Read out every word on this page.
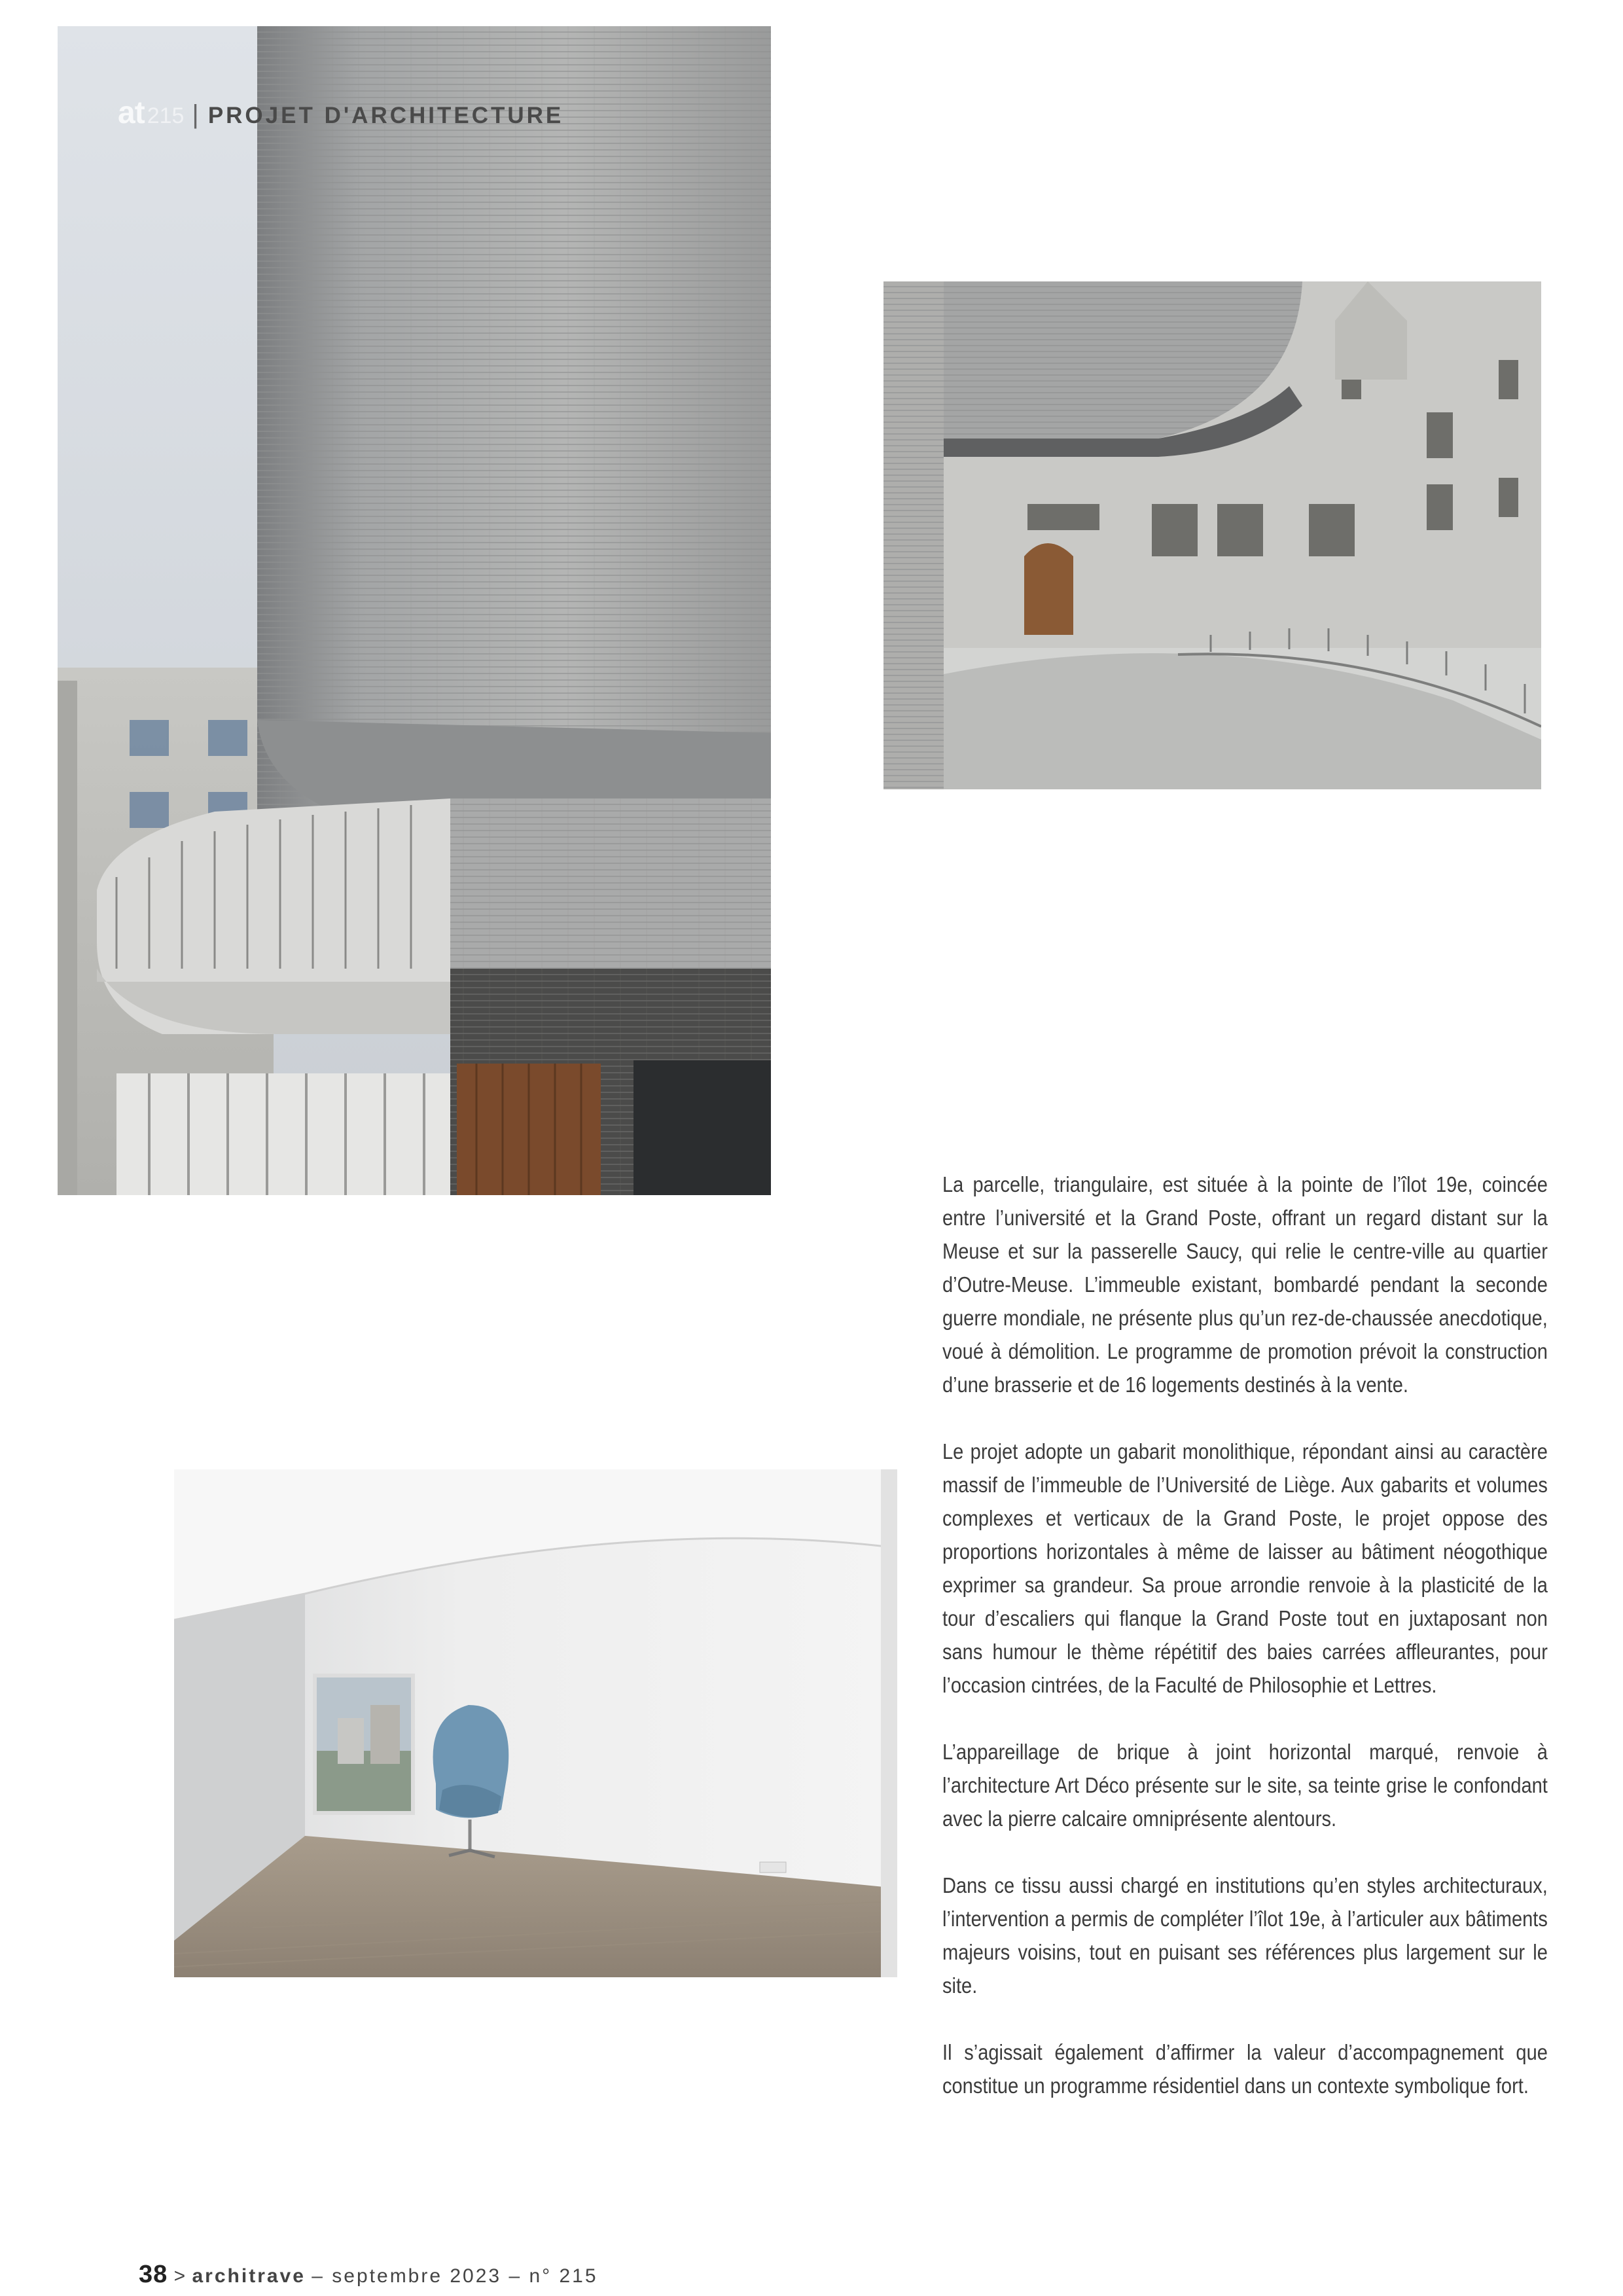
at 215 | PROJET D'ARCHITECTURE

La parcelle, triangulaire, est située à la pointe de l’îlot 19e, coincée entre l’université et la Grand Poste, offrant un regard distant sur la Meuse et sur la passerelle Saucy, qui relie le centre-ville au quartier d’Outre-Meuse. L’immeuble existant, bombardé pendant la seconde guerre mondiale, ne présente plus qu’un rez-de-chaussée anecdotique, voué à démolition. Le programme de promotion prévoit la construction d’une brasserie et de 16 logements destinés à la vente.

Le projet adopte un gabarit monolithique, répondant ainsi au caractère massif de l’immeuble de l’Université de Liège. Aux gabarits et volumes complexes et verticaux de la Grand Poste, le projet oppose des proportions horizontales à même de laisser au bâtiment néogothique exprimer sa grandeur. Sa proue arrondie renvoie à la plasticité de la tour d’escaliers qui flanque la Grand Poste tout en juxtaposant non sans humour le thème répétitif des baies carrées affleurantes, pour l’occasion cintrées, de la Faculté de Philosophie et Lettres.

L’appareillage de brique à joint horizontal marqué, renvoie à l’architecture Art Déco présente sur le site, sa teinte grise le confondant avec la pierre calcaire omniprésente alentours.

Dans ce tissu aussi chargé en institutions qu’en styles architecturaux, l’intervention a permis de compléter l’îlot 19e, à l’articuler aux bâtiments majeurs voisins, tout en puisant ses références plus largement sur le site.

Il s’agissait également d’affirmer la valeur d’accompagnement que constitue un programme résidentiel dans un contexte symbolique fort.

38 > architrave – septembre 2023 – n° 215
